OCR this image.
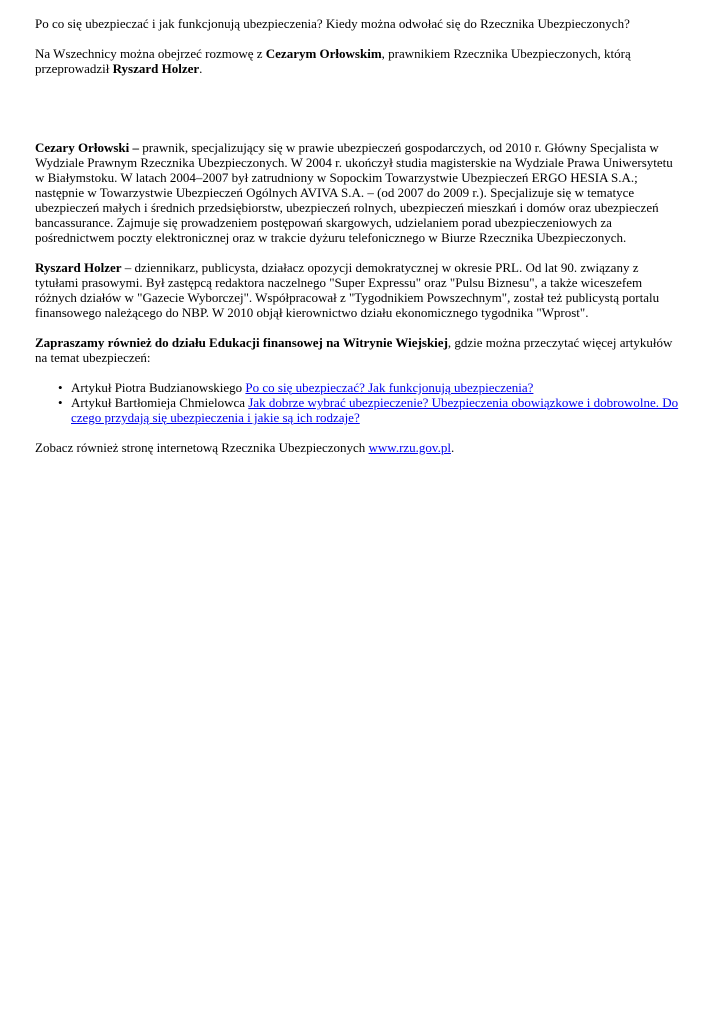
Po co się ubezpieczać i jak funkcjonują ubezpieczenia? Kiedy można odwołać się do Rzecznika Ubezpieczonych?

Na Wszechnicy można obejrzeć rozmowę z Cezarym Orłowskim, prawnikiem Rzecznika Ubezpieczonych, którą przeprowadził Ryszard Holzer.

Cezary Orłowski – prawnik, specjalizujący się w prawie ubezpieczeń gospodarczych, od 2010 r. Główny Specjalista w Wydziale Prawnym Rzecznika Ubezpieczonych. W 2004 r. ukończył studia magisterskie na Wydziale Prawa Uniwersytetu w Białymstoku. W latach 2004–2007 był zatrudniony w Sopockim Towarzystwie Ubezpieczeń ERGO HESIA S.A.; następnie w Towarzystwie Ubezpieczeń Ogólnych AVIVA S.A. – (od 2007 do 2009 r.). Specjalizuje się w tematyce ubezpieczeń małych i średnich przedsiębiorstw, ubezpieczeń rolnych, ubezpieczeń mieszkań i domów oraz ubezpieczeń bancassurance. Zajmuje się prowadzeniem postępowań skargowych, udzielaniem porad ubezpieczeniowych za pośrednictwem poczty elektronicznej oraz w trakcie dyżuru telefonicznego w Biurze Rzecznika Ubezpieczonych.

Ryszard Holzer – dziennikarz, publicysta, działacz opozycji demokratycznej w okresie PRL. Od lat 90. związany z tytułami prasowymi. Był zastępcą redaktora naczelnego "Super Expressu" oraz "Pulsu Biznesu", a także wiceszefem różnych działów w "Gazecie Wyborczej". Współpracował z "Tygodnikiem Powszechnym", został też publicystą portalu finansowego należącego do NBP. W 2010 objął kierownictwo działu ekonomicznego tygodnika "Wprost".

Zapraszamy również do działu Edukacji finansowej na Witrynie Wiejskiej, gdzie można przeczytać więcej artykułów na temat ubezpieczeń:

• Artykuł Piotra Budzianowskiego Po co się ubezpieczać? Jak funkcjonują ubezpieczenia?
• Artykuł Bartłomieja Chmielowca Jak dobrze wybrać ubezpieczenie? Ubezpieczenia obowiązkowe i dobrowolne. Do czego przydają się ubezpieczenia i jakie są ich rodzaje?

Zobacz również stronę internetową Rzecznika Ubezpieczonych www.rzu.gov.pl.
